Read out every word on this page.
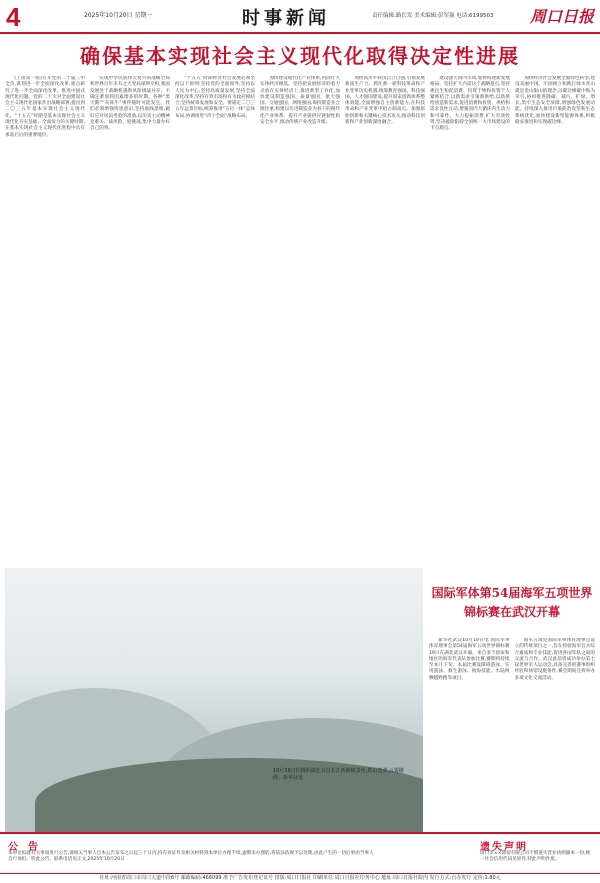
4	2025年10月20日 星期一	时事新闻	责任编辑:路长发 美术编辑:彭军强 电话:6199503 周口日报
确保基本实现社会主义现代化取得决定性进展

(上接第一版)召开党的二十届三中全会,谋划进一步全面深化改革,重点研究了进一步全面深化改革、推进中国式现代化问题。党的二十大对全面建设社会主义现代化国家作出战略部署,提出到二〇三五年基本实现社会主义现代化。“十五五”时期是基本实现社会主义现代化夯实基础、全面发力的关键时期,在基本实现社会主义现代化进程中具有承前启后的重要地位。

实现中华民族伟大复兴的战略全局和世界百年未有之大变局深刻交织,我国发展处于战略机遇和风险挑战并存、不确定难预料因素增多的时期。各种“黑天鹅”“灰犀牛”事件随时可能发生。我们必须增强忧患意识,坚持底线思维,做好应对风浪考验的准备,以历史主动精神克难关、战风险、迎挑战,集中力量办好自己的事。

“十五五”时期经济社会发展必须坚持以下原则:坚持党的全面领导,坚持以人民为中心,坚持高质量发展,坚持全面深化改革,坚持有效市场和有为政府相结合,坚持统筹发展和安全。要锚定二〇三五年远景目标,统筹推进“五位一体”总体布局,协调推进“四个全面”战略布局。

加快建设现代化产业体系,巩固壮大实体经济根基。坚持把发展经济的着力点放在实体经济上,推进新型工业化,加快建设制造强国、质量强国、航天强国、交通强国、网络强国,保持制造业合理比重,构建以先进制造业为骨干的现代化产业体系。提升产业链供应链韧性和安全水平,推动传统产业改造升级。

加快高水平科技自立自强,引领发展新质生产力。抓住新一轮科技革命和产业变革历史机遇,统筹教育强国、科技强国、人才强国建设,提升国家创新体系整体效能,全面增强自主创新能力,在科技革命和产业变革中抢占制高点。加强原始创新和关键核心技术攻关,推动科技创新和产业创新深度融合。

建设强大国内市场,加快构建新发展格局。坚持扩大内需这个战略基点,坚持惠民生和促消费、投资于物和投资于人紧密结合,以新需求引领新供给,以新供给创造新需求,促进消费和投资、供给和需求良性互动,增强国内大循环内生动力和可靠性。大力提振消费,扩大有效投资,坚决破除阻碍全国统一大市场建设的卡点堵点。

加快经济社会发展全面绿色转型,建设美丽中国。牢固树立和践行绿水青山就是金山银山的理念,以碳达峰碳中和为牵引,协同推进降碳、减污、扩绿、增长,筑牢生态安全屏障,增强绿色发展动能。持续深入推进污染防治攻坚和生态系统优化,加快建设新型能源体系,积极稳妥推进和实现碳达峰。

10月19日拍摄的湖北宜昌长江西陵峡景色,群山苍翠,云雾缭绕。新华社发
国际军体第54届海军五项世界锦标赛在武汉开幕

新华社武汉10月19日电 国际军事体育理事会第54届海军五项世界锦标赛19日在湖北武汉开幕。来自多个国家和地区的海军代表队参加比赛,赛期将持续至本月下旬。本届比赛设障碍游泳、实用游泳、救生游泳、航海技能、水陆两栖越野跑等项目。

海军五项是国际军事体育理事会设立的传统项目之一,旨在检验海军官兵综合素质和专业技能,促进各国军队之间的交流与合作。武汉此前曾成功举办第七届世界军人运动会,具备完善的赛事组织经验和场馆设施条件,赛会期间还将举办多项文化交流活动。

公告
本单位拟就有关事项进行公告,请相关当事人自本公告发布之日起三十日内,持有效证件及相关材料到本单位办理手续,逾期未办理的,将依法依规予以处理,由此产生的一切后果由当事人自行承担。特此公告。联系电话见正文,2025年10月20日
遗失声明
周口市××商贸有限公司不慎遗失营业执照副本一份,统一社会信用代码见原件,特此声明作废。
社址:河南省周口市周口大道中段6号 邮政编码:466099 准予广告发布登记证号 排版:周口日报社 印刷单位:周口日报社印务中心 地址:周口日报社院内 发行方式:自办发行 定价:1.80元
